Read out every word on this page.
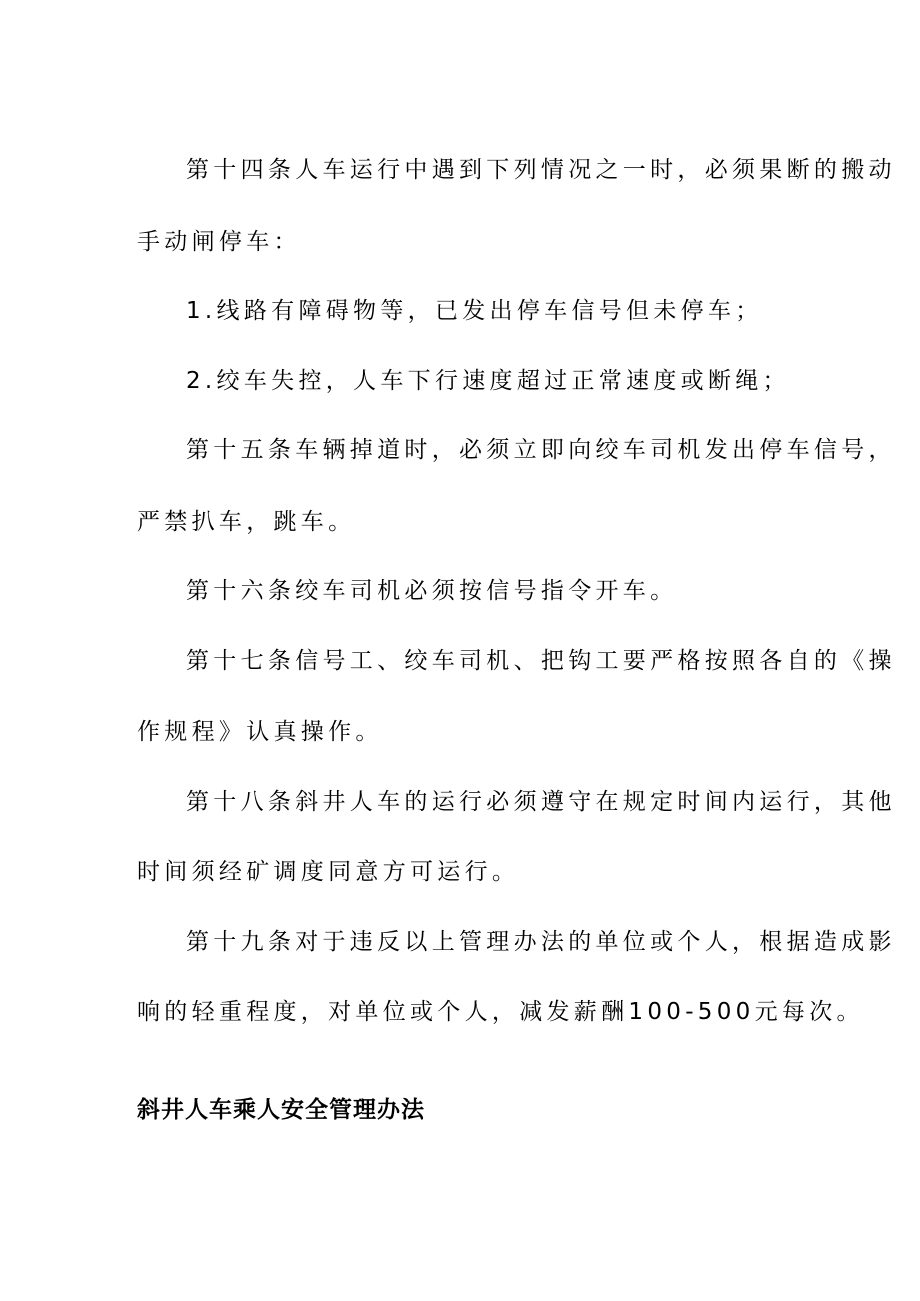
第十四条人车运行中遇到下列情况之一时，必须果断的搬动
手动闸停车：
1.线路有障碍物等，已发出停车信号但未停车；
2.绞车失控，人车下行速度超过正常速度或断绳；
第十五条车辆掉道时，必须立即向绞车司机发出停车信号，
严禁扒车，跳车。
第十六条绞车司机必须按信号指令开车。
第十七条信号工、绞车司机、把钩工要严格按照各自的《操
作规程》认真操作。
第十八条斜井人车的运行必须遵守在规定时间内运行，其他
时间须经矿调度同意方可运行。
第十九条对于违反以上管理办法的单位或个人，根据造成影
响的轻重程度，对单位或个人，减发薪酬100-500元每次。
斜井人车乘人安全管理办法
